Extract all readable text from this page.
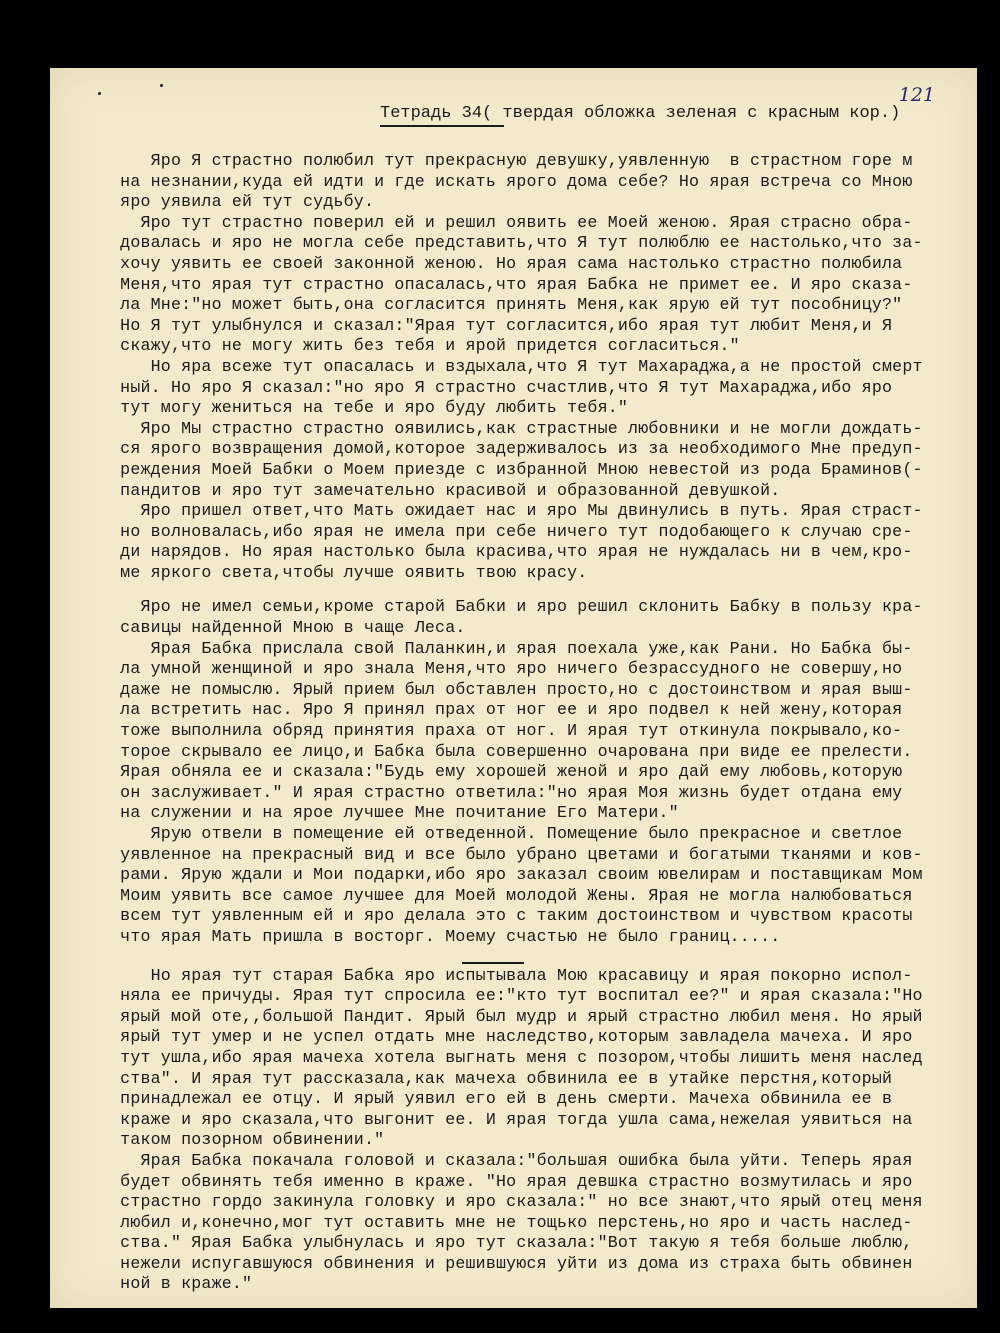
121
Тетрадь 34( твердая обложка зеленая с красным кор.)
Яро Я страстно полюбил тут прекрасную девушку,уявленную  в страстном горе м
на незнании,куда ей идти и где искать ярого дома себе? Но ярая встреча со Мною
яро уявила ей тут судьбу.
Яро тут страстно поверил ей и решил оявить ее Моей женою. Ярая страсно обра-
довалась и яро не могла себе представить,что Я тут полюблю ее настолько,что за-
хочу уявить ее своей законной женою. Но ярая сама настолько страстно полюбила
Меня,что ярая тут страстно опасалась,что ярая Бабка не примет ее. И яро сказа-
ла Мне:"но может быть,она согласится принять Меня,как ярую ей тут пособницу?"
Но Я тут улыбнулся и сказал:"Ярая тут согласится,ибо ярая тут любит Меня,и Я
скажу,что не могу жить без тебя и ярой придется согласиться."
Но яра всеже тут опасалась и вздыхала,что Я тут Махараджа,а не простой смерт
ный. Но яро Я сказал:"но яро Я страстно счастлив,что Я тут Махараджа,ибо яро
тут могу жениться на тебе и яро буду любить тебя."
Яро Мы страстно страстно оявились,как страстные любовники и не могли дождать-
ся ярого возвращения домой,которое задерживалось из за необходимого Мне предуп-
реждения Моей Бабки о Моем приезде с избранной Мною невестой из рода Браминов(-
пандитов и яро тут замечательно красивой и образованной девушкой.
Яро пришел ответ,что Мать ожидает нас и яро Мы двинулись в путь. Ярая страст-
но волновалась,ибо ярая не имела при себе ничего тут подобающего к случаю сре-
ди нарядов. Но ярая настолько была красива,что ярая не нуждалась ни в чем,кро-
ме яркого света,чтобы лучше оявить твою красу.
Яро не имел семьи,кроме старой Бабки и яро решил склонить Бабку в пользу кра-
савицы найденной Мною в чаще Леса.
Ярая Бабка прислала свой Паланкин,и ярая поехала уже,как Рани. Но Бабка бы-
ла умной женщиной и яро знала Меня,что яро ничего безрассудного не совершу,но
даже не помыслю. Ярый прием был обставлен просто,но с достоинством и ярая выш-
ла встретить нас. Яро Я принял прах от ног ее и яро подвел к ней жену,которая
тоже выполнила обряд принятия праха от ног. И ярая тут откинула покрывало,ко-
торое скрывало ее лицо,и Бабка была совершенно очарована при виде ее прелести.
Ярая обняла ее и сказала:"Будь ему хорошей женой и яро дай ему любовь,которую
он заслуживает." И ярая страстно ответила:"но ярая Моя жизнь будет отдана ему
на служении и на ярое лучшее Мне почитание Его Матери."
Ярую отвели в помещение ей отведенной. Помещение было прекрасное и светлое
уявленное на прекрасный вид и все было убрано цветами и богатыми тканями и ков-
рами. Ярую ждали и Мои подарки,ибо яро заказал своим ювелирам и поставщикам Мом
Моим уявить все самое лучшее для Моей молодой Жены. Ярая не могла налюбоваться
всем тут уявленным ей и яро делала это с таким достоинством и чувством красоты
что ярая Мать пришла в восторг. Моему счастью не было границ.....
Но ярая тут старая Бабка яро испытывала Мою красавицу и ярая покорно испол-
няла ее причуды. Ярая тут спросила ее:"кто тут воспитал ее?" и ярая сказала:"Но
ярый мой оте,,большой Пандит. Ярый был мудр и ярый страстно любил меня. Но ярый
ярый тут умер и не успел отдать мне наследство,которым завладела мачеха. И яро
тут ушла,ибо ярая мачеха хотела выгнать меня с позором,чтобы лишить меня наслед
ства". И ярая тут рассказала,как мачеха обвинила ее в утайке перстня,который
принадлежал ее отцу. И ярый уявил его ей в день смерти. Мачеха обвинила ее в
краже и яро сказала,что выгонит ее. И ярая тогда ушла сама,нежелая уявиться на
таком позорном обвинении."
Ярая Бабка покачала головой и сказала:"большая ошибка была уйти. Теперь ярая
будет обвинять тебя именно в краже. "Но ярая девшка страстно возмутилась и яро
страстно гордо закинула головку и яро сказала:" но все знают,что ярый отец меня
любил и,конечно,мог тут оставить мне не тощько перстень,но яро и часть наслед-
ства." Ярая Бабка улыбнулась и яро тут сказала:"Вот такую я тебя больше люблю,
нежели испугавшуюся обвинения и решившуюся уйти из дома из страха быть обвинен
ной в краже."
